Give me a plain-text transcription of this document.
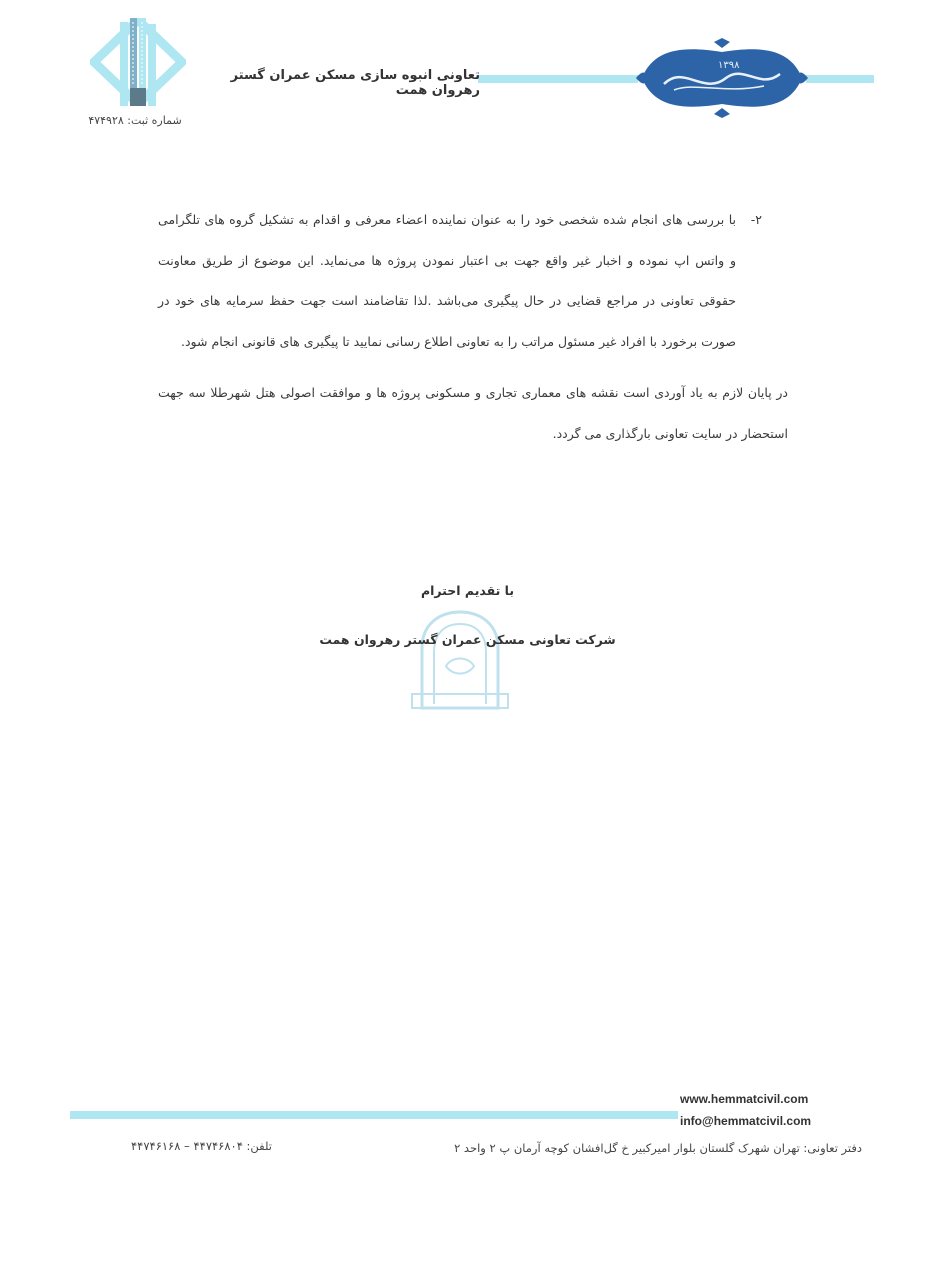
شماره ثبت: ۴۷۴۹۲۸
تعاونی انبوه سازی مسکن عمران گستر رهروان همت
۱۳۹۸
۲-
با بررسی های انجام شده شخصی خود را به عنوان نماینده اعضاء معرفی و اقدام به تشکیل گروه های تلگرامی و واتس اپ نموده و اخبار غیر واقع جهت بی اعتبار نمودن پروژه ها می‌نماید. این موضوع از طریق معاونت حقوقی تعاونی در مراجع قضایی در حال پیگیری می‌باشد .لذا تقاضامند است جهت حفظ سرمایه های خود در صورت برخورد با افراد غیر مسئول مراتب را به تعاونی اطلاع رسانی نمایید تا پیگیری های قانونی انجام شود.
در پایان لازم به یاد آوردی است نقشه های معماری تجاری و مسکونی پروژه ها و موافقت اصولی هتل شهرطلا سه جهت استحضار در سایت تعاونی بارگذاری می گردد.
با تقدیم احترام
شرکت تعاونی مسکن عمران گستر رهروان همت
www.hemmatcivil.com
info@hemmatcivil.com
دفتر تعاونی: تهران شهرک گلستان بلوار امیرکبیر خ گل‌افشان کوچه آرمان پ ۲ واحد ۲
تلفن: ۴۴۷۴۶۸۰۴ – ۴۴۷۴۶۱۶۸
